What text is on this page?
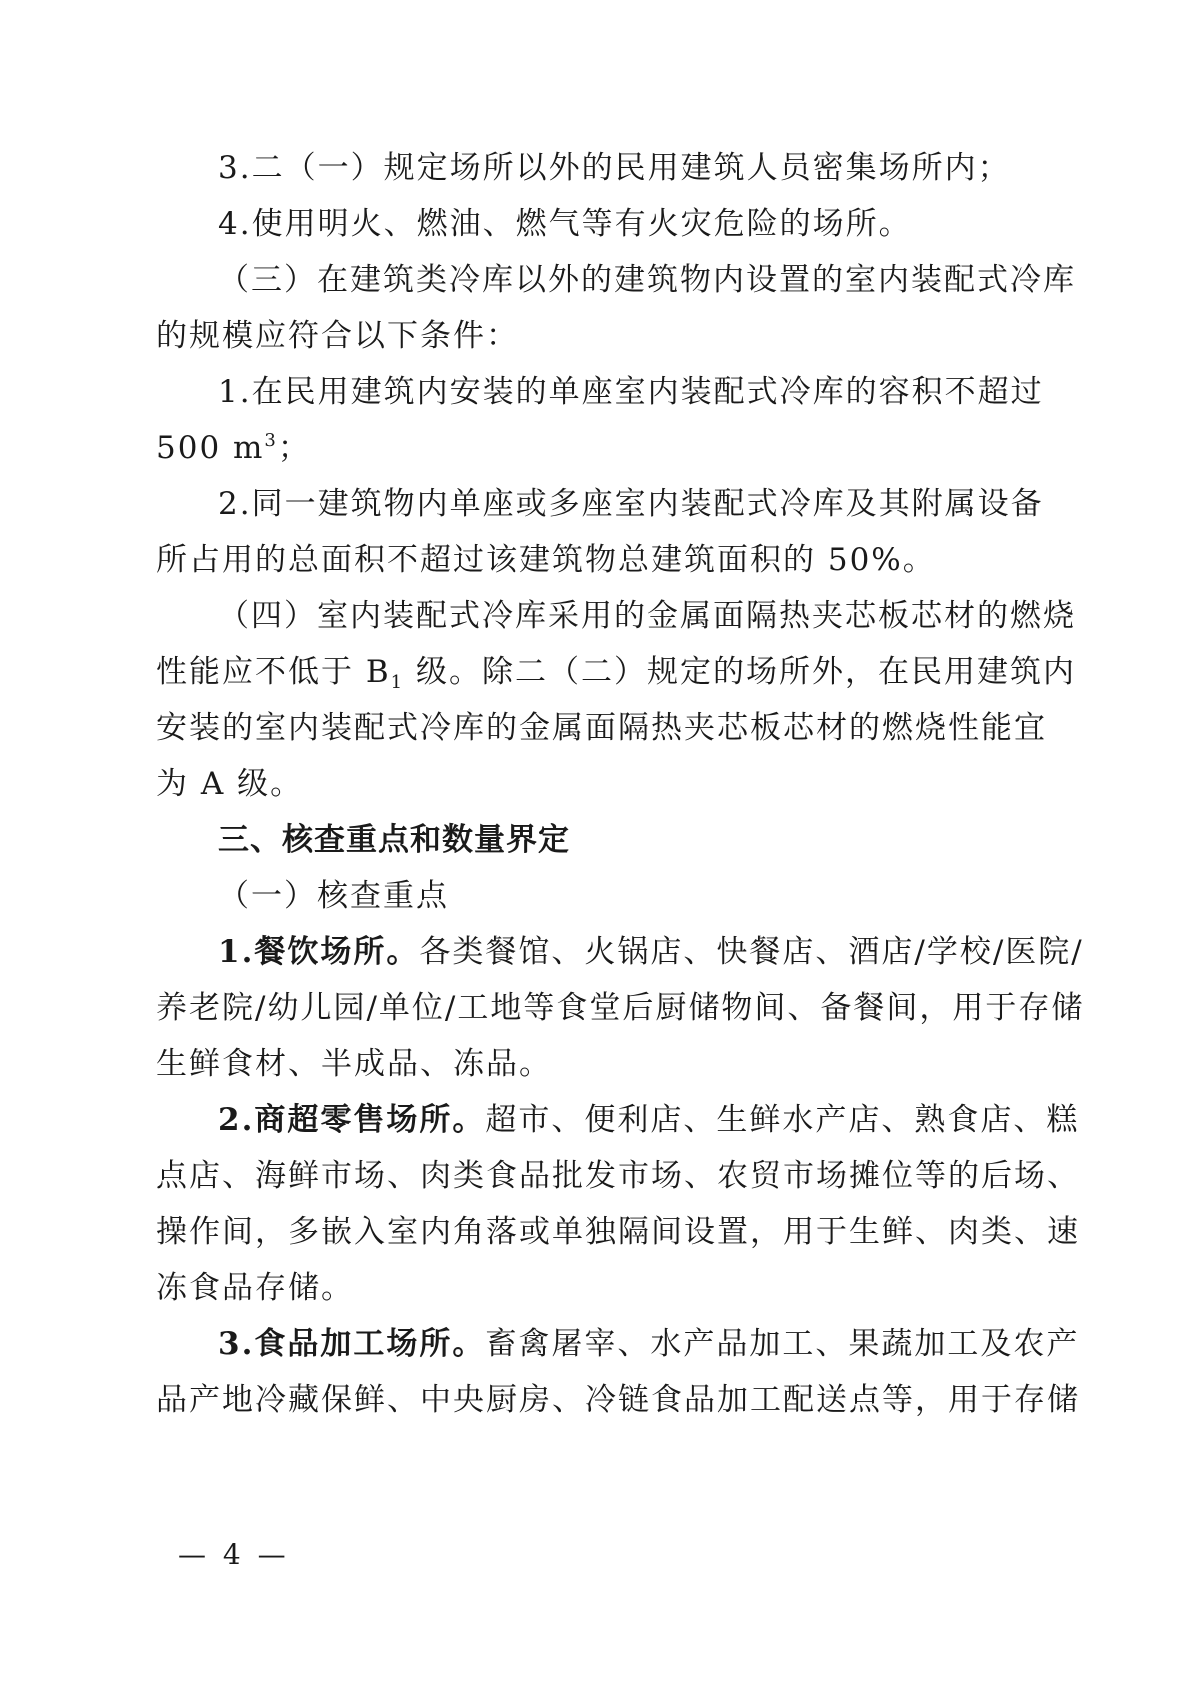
3.二（一）规定场所以外的民用建筑人员密集场所内；
4.使用明火、燃油、燃气等有火灾危险的场所。
（三）在建筑类冷库以外的建筑物内设置的室内装配式冷库
的规模应符合以下条件：
1.在民用建筑内安装的单座室内装配式冷库的容积不超过
500 $m^3$；
2.同一建筑物内单座或多座室内装配式冷库及其附属设备
所占用的总面积不超过该建筑物总建筑面积的 50%。
（四）室内装配式冷库采用的金属面隔热夹芯板芯材的燃烧
性能应不低于 $B_1$ 级。除二（二）规定的场所外，在民用建筑内
安装的室内装配式冷库的金属面隔热夹芯板芯材的燃烧性能宜
为 A 级。
三、核查重点和数量界定
（一）核查重点
1.餐饮场所。各类餐馆、火锅店、快餐店、酒店/学校/医院/
养老院/幼儿园/单位/工地等食堂后厨储物间、备餐间，用于存储
生鲜食材、半成品、冻品。
2.商超零售场所。超市、便利店、生鲜水产店、熟食店、糕
点店、海鲜市场、肉类食品批发市场、农贸市场摊位等的后场、
操作间，多嵌入室内角落或单独隔间设置，用于生鲜、肉类、速
冻食品存储。
3.食品加工场所。畜禽屠宰、水产品加工、果蔬加工及农产
品产地冷藏保鲜、中央厨房、冷链食品加工配送点等，用于存储
— 4 —
